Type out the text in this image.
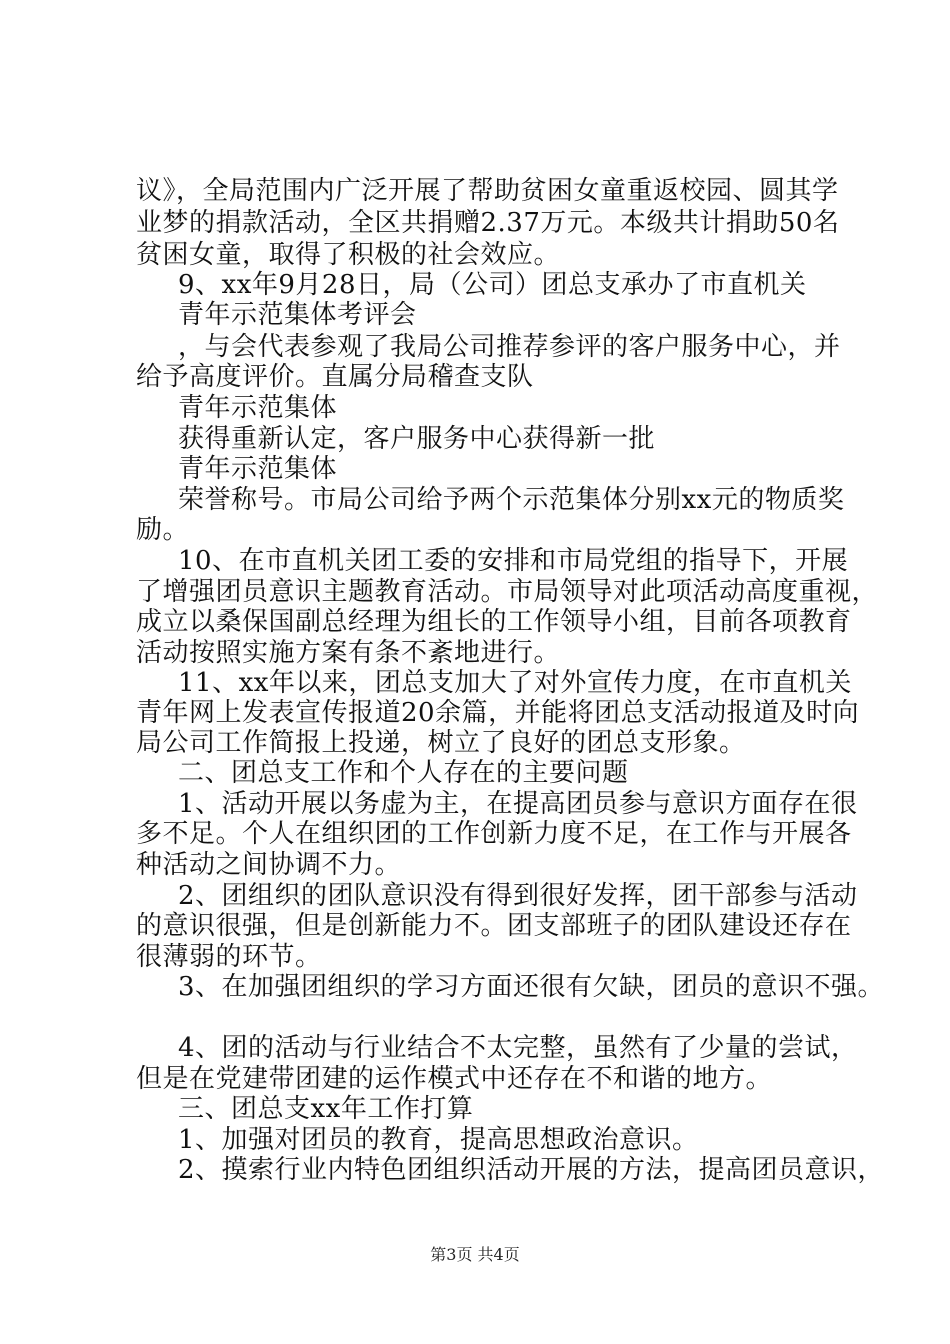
议》，全局范围内广泛开展了帮助贫困女童重返校园、圆其学
业梦的捐款活动，全区共捐赠2.37万元。本级共计捐助50名
贫困女童，取得了积极的社会效应。
9、xx年9月28日，局（公司）团总支承办了市直机关
青年示范集体考评会
，与会代表参观了我局公司推荐参评的客户服务中心，并
给予高度评价。直属分局稽查支队
青年示范集体
获得重新认定，客户服务中心获得新一批
青年示范集体
荣誉称号。市局公司给予两个示范集体分别xx元的物质奖
励。
10、在市直机关团工委的安排和市局党组的指导下，开展
了增强团员意识主题教育活动。市局领导对此项活动高度重视，
成立以桑保国副总经理为组长的工作领导小组，目前各项教育
活动按照实施方案有条不紊地进行。
11、xx年以来，团总支加大了对外宣传力度，在市直机关
青年网上发表宣传报道20余篇，并能将团总支活动报道及时向
局公司工作简报上投递，树立了良好的团总支形象。
二、团总支工作和个人存在的主要问题
1、活动开展以务虚为主，在提高团员参与意识方面存在很
多不足。个人在组织团的工作创新力度不足，在工作与开展各
种活动之间协调不力。
2、团组织的团队意识没有得到很好发挥，团干部参与活动
的意识很强，但是创新能力不。团支部班子的团队建设还存在
很薄弱的环节。
3、在加强团组织的学习方面还很有欠缺，团员的意识不强。
4、团的活动与行业结合不太完整，虽然有了少量的尝试，
但是在党建带团建的运作模式中还存在不和谐的地方。
三、团总支xx年工作打算
1、加强对团员的教育，提高思想政治意识。
2、摸索行业内特色团组织活动开展的方法，提高团员意识，
第3页 共4页
